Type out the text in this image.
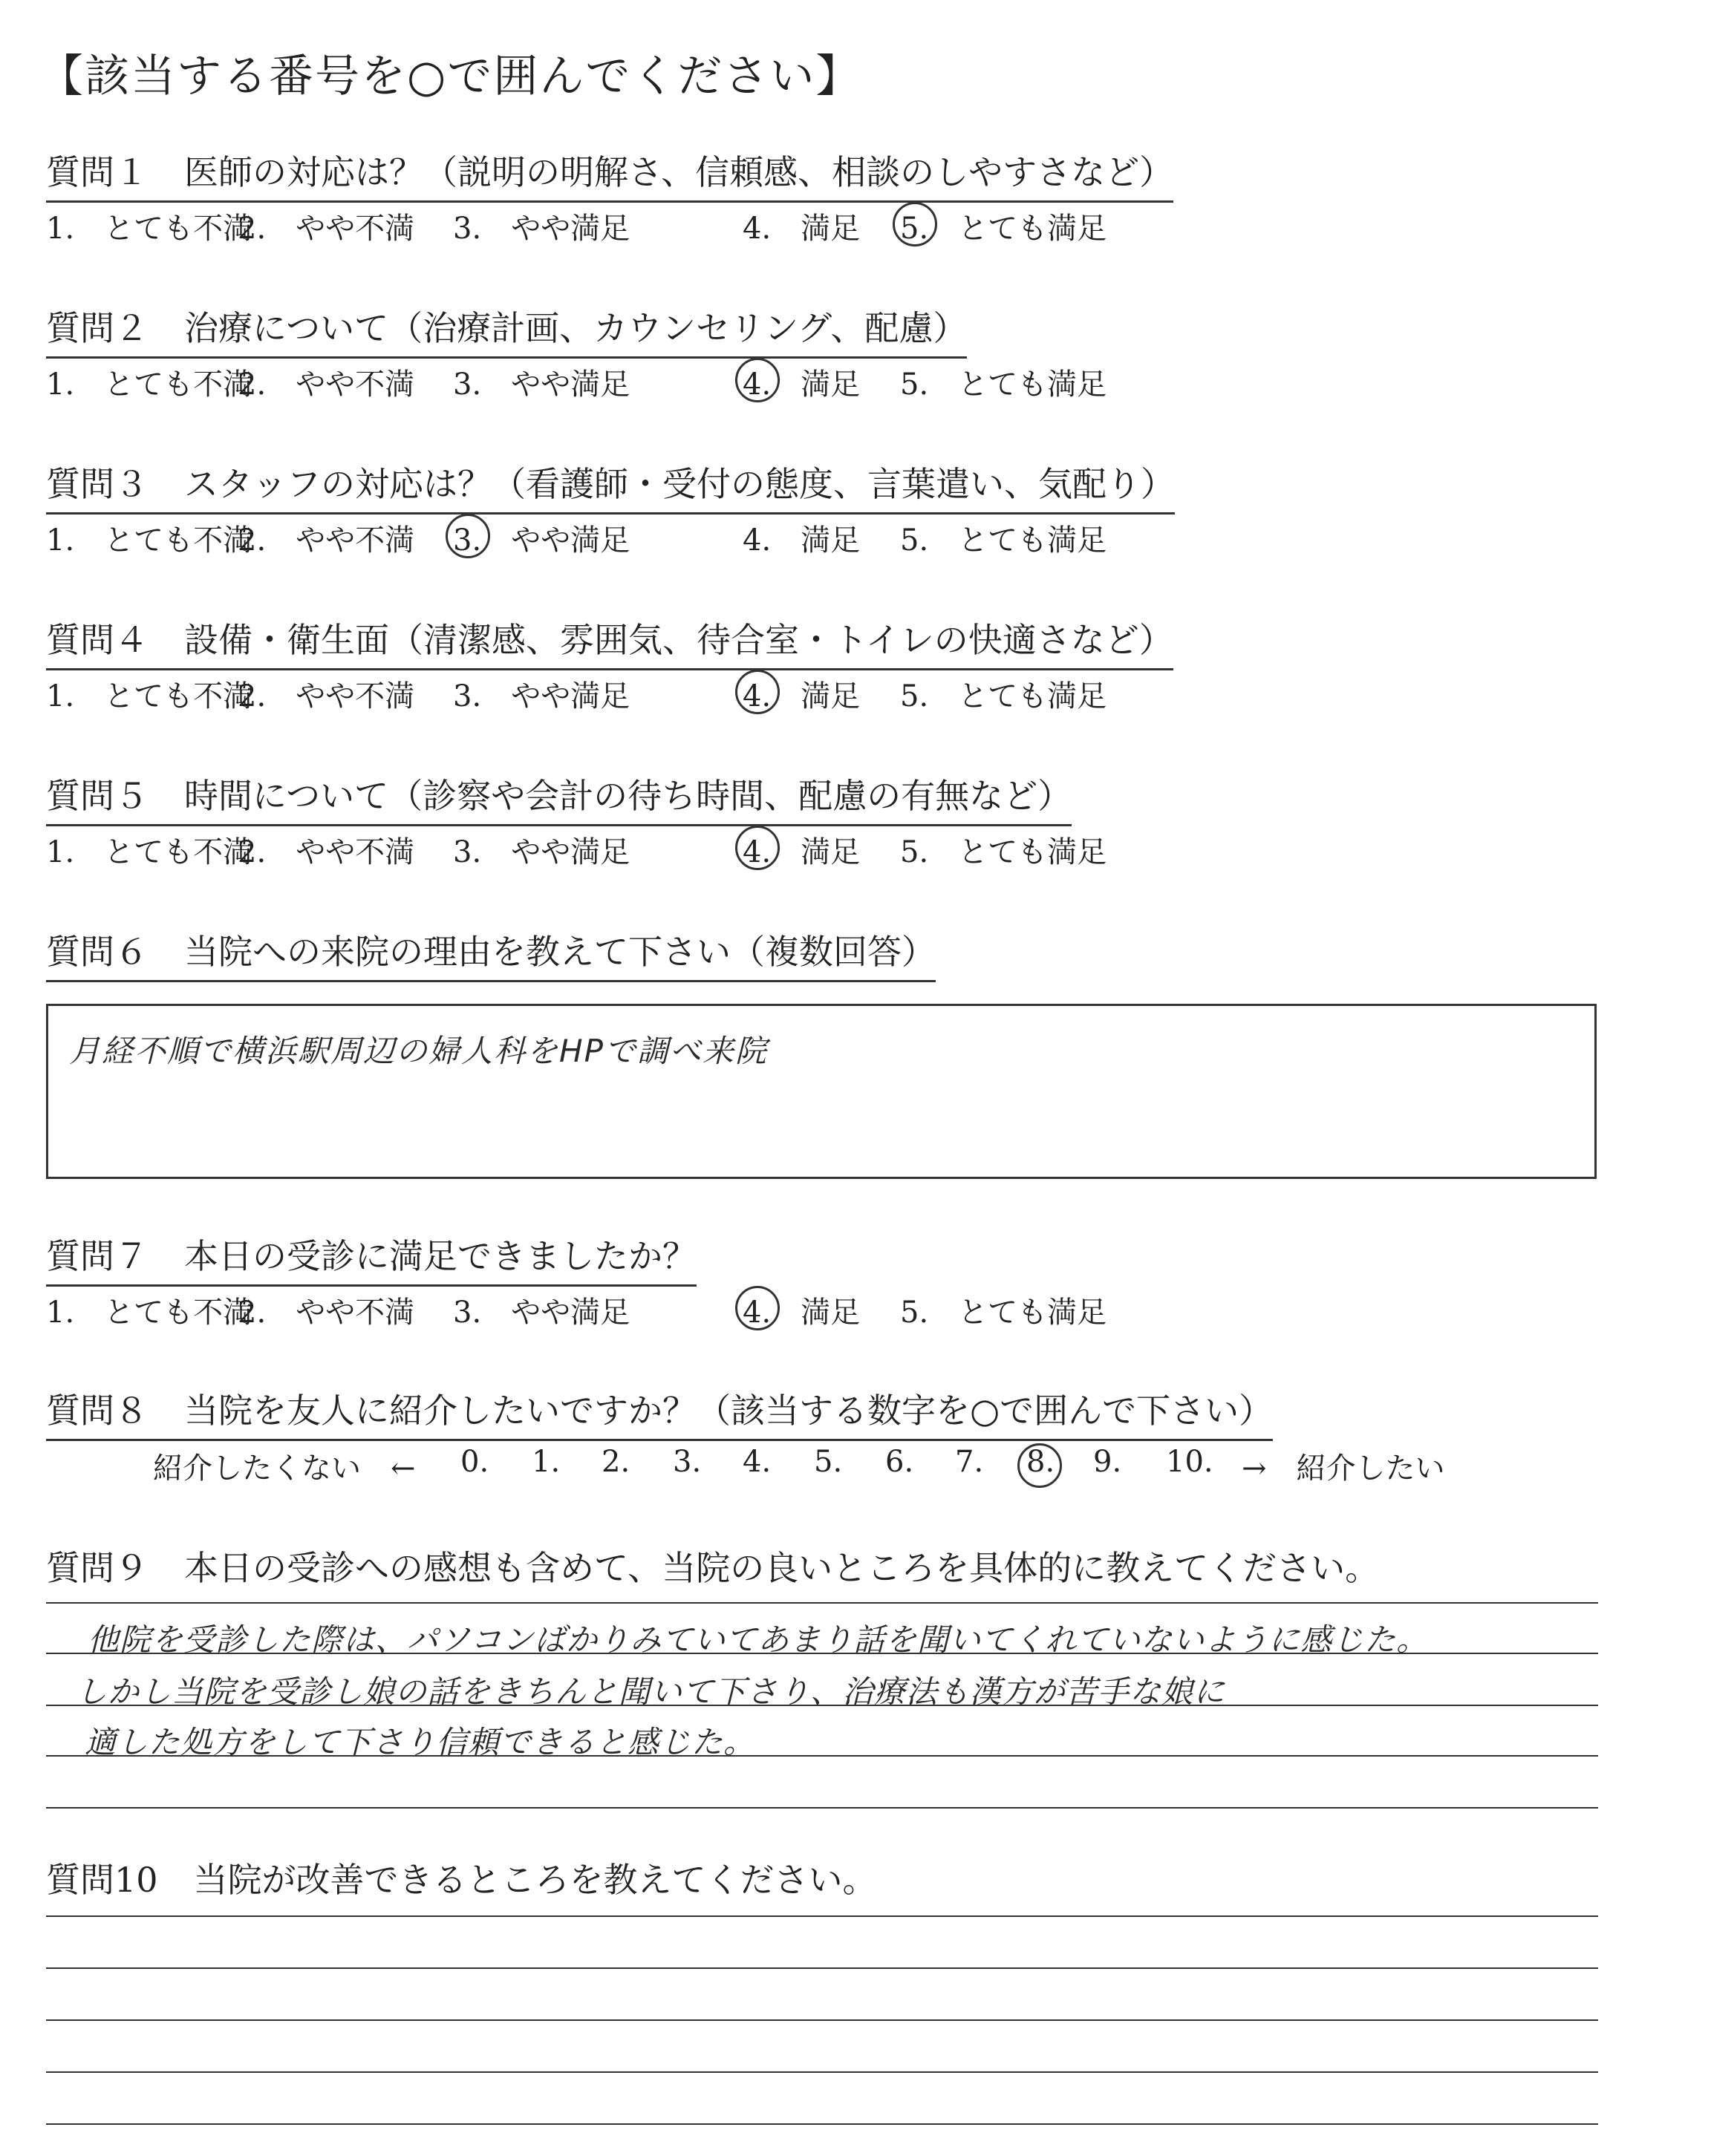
【該当する番号を○で囲んでください】
質問１ 医師の対応は？（説明の明解さ、信頼感、相談のしやすさなど）
1.　とても不満
2.　やや不満 3.　やや満足	4.　満足 5.　とても満足
質問２ 治療について（治療計画、カウンセリング、配慮）
1.　とても不満
2.　やや不満 3.　やや満足	4.　満足 5.　とても満足
質問３ スタッフの対応は？（看護師・受付の態度、言葉遣い、気配り）
1.　とても不満
2.　やや不満 3.　やや満足	4.　満足 5.　とても満足
質問４ 設備・衛生面（清潔感、雰囲気、待合室・トイレの快適さなど）
1.　とても不満
2.　やや不満 3.　やや満足	4.　満足 5.　とても満足
質問５ 時間について（診察や会計の待ち時間、配慮の有無など）
1.　とても不満
2.　やや不満 3.　やや満足	4.　満足 5.　とても満足
質問６ 当院への来院の理由を教えて下さい（複数回答）
月経不順で横浜駅周辺の婦人科をHPで調べ来院
質問７ 本日の受診に満足できましたか？
1.　とても不満
2.　やや不満 3.　やや満足	4.　満足 5.　とても満足
質問８ 当院を友人に紹介したいですか？（該当する数字を○で囲んで下さい）
紹介したくない　← 0. 1. 2. 3. 4. 5. 6. 7. 8. 9. 10. →　紹介したい
質問９ 本日の受診への感想も含めて、当院の良いところを具体的に教えてください。
他院を受診した際は、パソコンばかりみていてあまり話を聞いてくれていないように感じた。
しかし当院を受診し娘の話をきちんと聞いて下さり、治療法も漢方が苦手な娘に
適した処方をして下さり信頼できると感じた。
質問10 当院が改善できるところを教えてください。
